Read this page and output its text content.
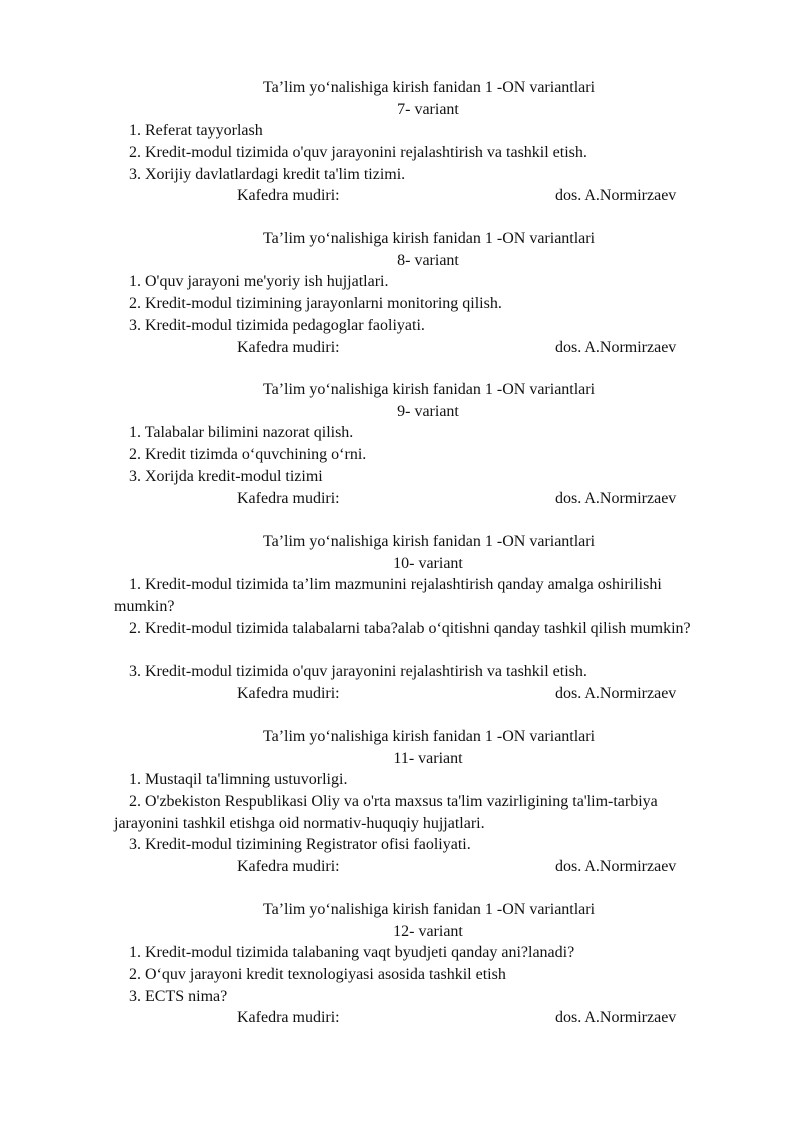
Ta’lim yo‘nalishiga kirish fanidan 1 -ON variantlari
7- variant
1. Referat tayyorlash
2. Kredit-modul tizimida o'quv jarayonini rejalashtirish va tashkil etish.
3. Xorijiy davlatlardagi kredit ta'lim tizimi.
Kafedra mudiri:	dos. A.Normirzaev
Ta’lim yo‘nalishiga kirish fanidan 1 -ON variantlari
8- variant
1. O'quv jarayoni me'yoriy ish hujjatlari.
2. Kredit-modul tizimining jarayonlarni monitoring qilish.
3. Kredit-modul tizimida pedagoglar faoliyati.
Kafedra mudiri:	dos. A.Normirzaev
Ta’lim yo‘nalishiga kirish fanidan 1 -ON variantlari
9- variant
1. Talabalar bilimini nazorat qilish.
2. Kredit tizimda o‘quvchining o‘rni.
3. Xorijda kredit-modul tizimi
Kafedra mudiri:	dos. A.Normirzaev
Ta’lim yo‘nalishiga kirish fanidan 1 -ON variantlari
10- variant
1. Kredit-modul tizimida ta’lim mazmunini rejalashtirish qanday amalga oshirilishi mumkin?
2. Kredit-modul tizimida talabalarni taba?alab o‘qitishni qanday tashkil qilish mumkin?
3. Kredit-modul tizimida o'quv jarayonini rejalashtirish va tashkil etish.
Kafedra mudiri:	dos. A.Normirzaev
Ta’lim yo‘nalishiga kirish fanidan 1 -ON variantlari
11- variant
1. Mustaqil ta'limning ustuvorligi.
2. O'zbekiston Respublikasi Oliy va o'rta maxsus ta'lim vazirligining ta'lim-tarbiya jarayonini tashkil etishga oid normativ-huquqiy hujjatlari.
3. Kredit-modul tizimining Registrator ofisi faoliyati.
Kafedra mudiri:	dos. A.Normirzaev
Ta’lim yo‘nalishiga kirish fanidan 1 -ON variantlari
12- variant
1. Kredit-modul tizimida talabaning vaqt byudjeti qanday ani?lanadi?
2. O‘quv jarayoni kredit texnologiyasi asosida tashkil etish
3. ECTS nima?
Kafedra mudiri:	dos. A.Normirzaev
